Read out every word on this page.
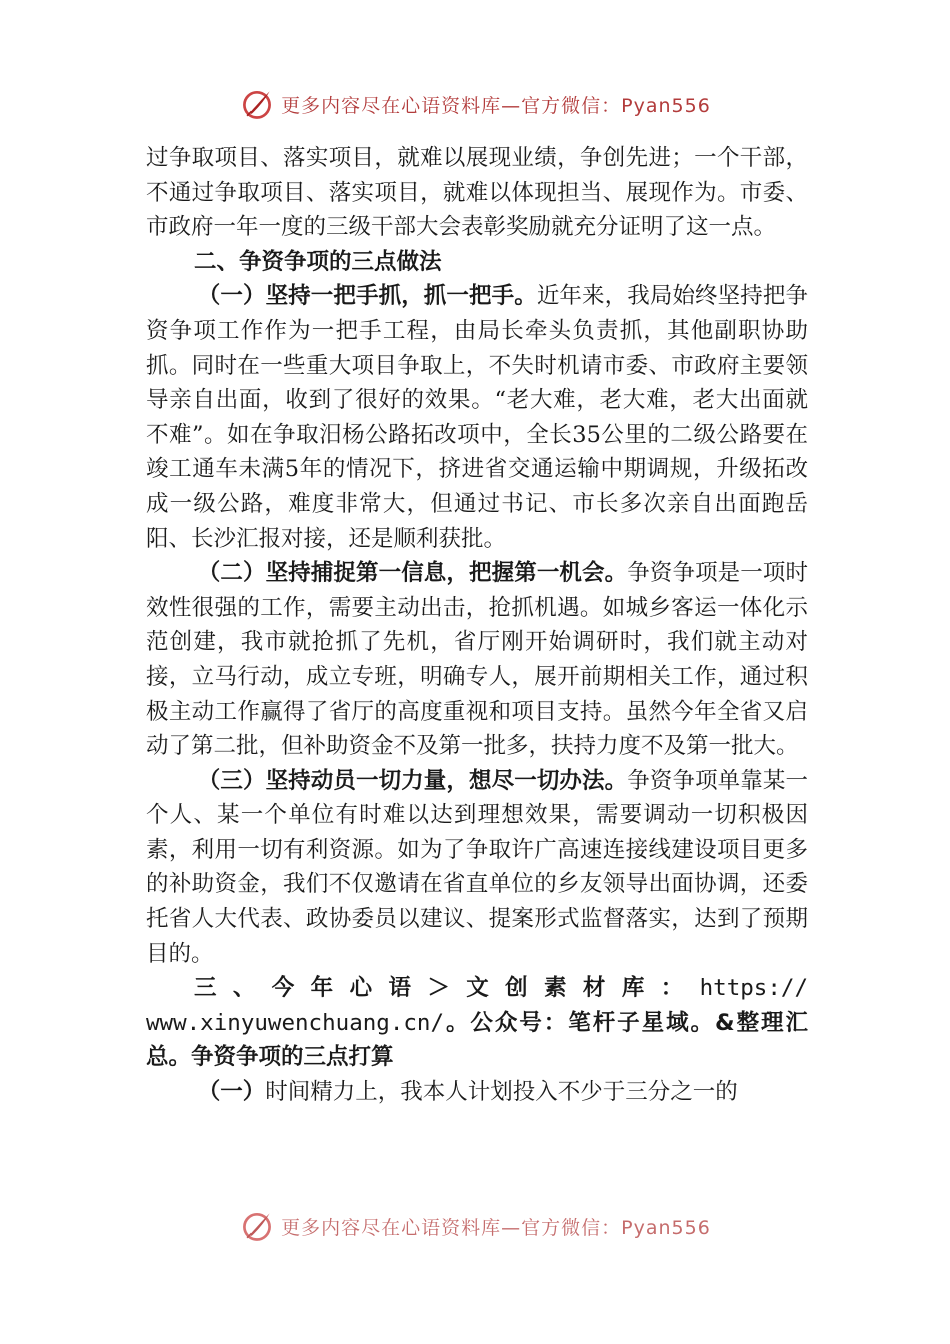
更多内容尽在心语资料库—官方微信：Pyan556

过争取项目、落实项目，就难以展现业绩，争创先进；一个干部，不通过争取项目、落实项目，就难以体现担当、展现作为。市委、市政府一年一度的三级干部大会表彰奖励就充分证明了这一点。

二、争资争项的三点做法

（一）坚持一把手抓，抓一把手。近年来，我局始终坚持把争资争项工作作为一把手工程，由局长牵头负责抓，其他副职协助抓。同时在一些重大项目争取上，不失时机请市委、市政府主要领导亲自出面，收到了很好的效果。“老大难，老大难，老大出面就不难”。如在争取汨杨公路拓改项中，全长35公里的二级公路要在竣工通车未满5年的情况下，挤进省交通运输中期调规，升级拓改成一级公路，难度非常大，但通过书记、市长多次亲自出面跑岳阳、长沙汇报对接，还是顺利获批。

（二）坚持捕捉第一信息，把握第一机会。争资争项是一项时效性很强的工作，需要主动出击，抢抓机遇。如城乡客运一体化示范创建，我市就抢抓了先机，省厅刚开始调研时，我们就主动对接，立马行动，成立专班，明确专人，展开前期相关工作，通过积极主动工作赢得了省厅的高度重视和项目支持。虽然今年全省又启动了第二批，但补助资金不及第一批多，扶持力度不及第一批大。

（三）坚持动员一切力量，想尽一切办法。争资争项单靠某一个人、某一个单位有时难以达到理想效果，需要调动一切积极因素，利用一切有利资源。如为了争取许广高速连接线建设项目更多的补助资金，我们不仅邀请在省直单位的乡友领导出面协调，还委托省人大代表、政协委员以建议、提案形式监督落实，达到了预期目的。

三、今年心语＞文创素材库：https://

www.xinyuwenchuang.cn/。公众号：笔杆子星域。&整理汇总。争资争项的三点打算

（一）时间精力上，我本人计划投入不少于三分之一的

更多内容尽在心语资料库—官方微信：Pyan556
